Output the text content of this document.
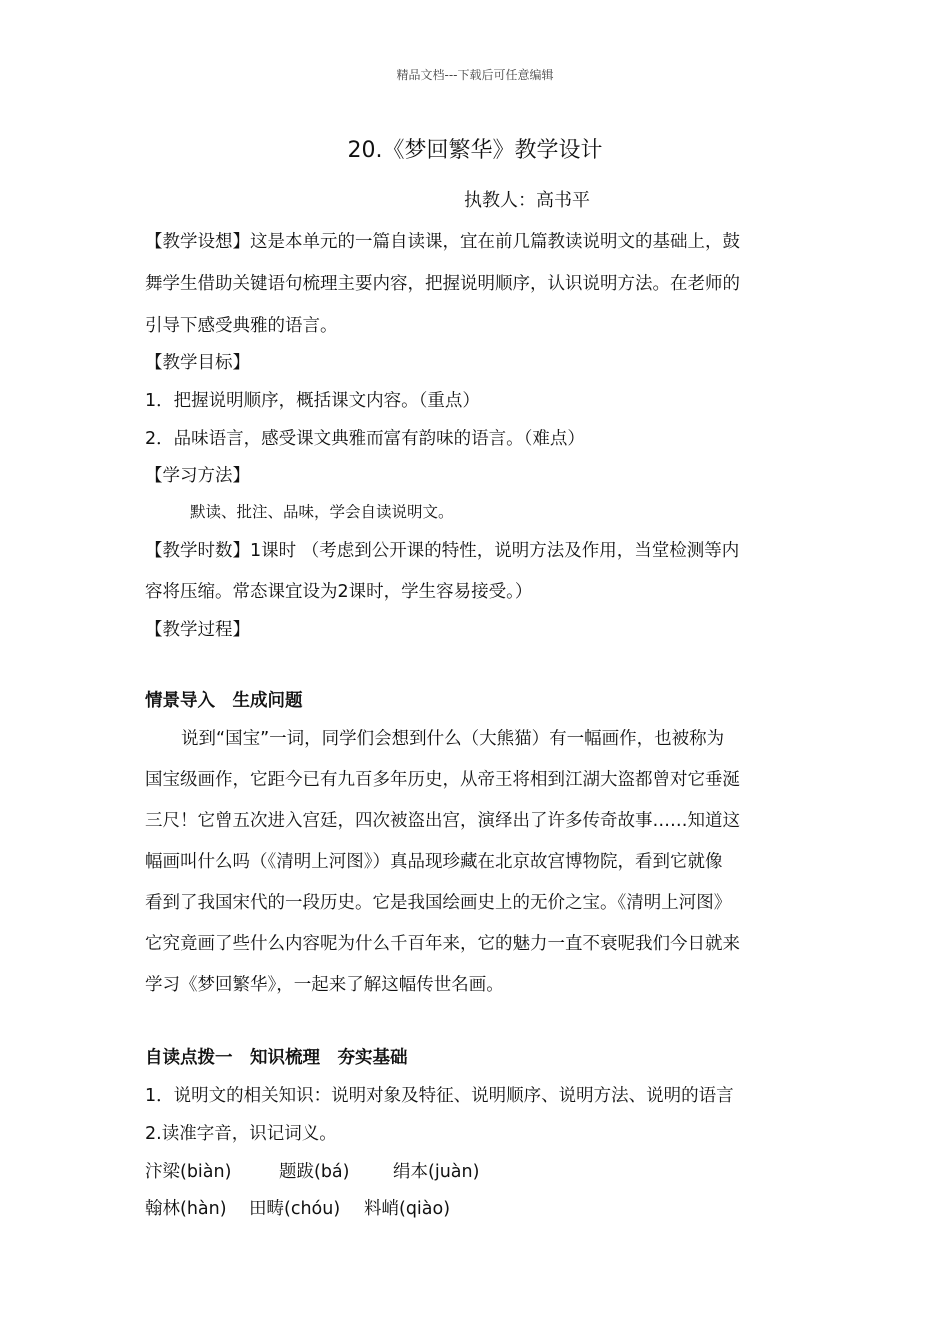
精品文档---下载后可任意编辑
20.《梦回繁华》教学设计
执教人：高书平
【教学设想】这是本单元的一篇自读课，宜在前几篇教读说明文的基础上，鼓
舞学生借助关键语句梳理主要内容，把握说明顺序，认识说明方法。在老师的
引导下感受典雅的语言。
【教学目标】
1．把握说明顺序，概括课文内容。（重点）
2．品味语言，感受课文典雅而富有韵味的语言。（难点）
【学习方法】
默读、批注、品味，学会自读说明文。
【教学时数】1课时 （考虑到公开课的特性，说明方法及作用，当堂检测等内
容将压缩。常态课宜设为2课时，学生容易接受。）
【教学过程】
情景导入　生成问题
说到“国宝”一词，同学们会想到什么（大熊猫）有一幅画作，也被称为
国宝级画作，它距今已有九百多年历史，从帝王将相到江湖大盗都曾对它垂涎
三尺！它曾五次进入宫廷，四次被盗出宫，演绎出了许多传奇故事……知道这
幅画叫什么吗（《清明上河图》）真品现珍藏在北京故宫博物院，看到它就像
看到了我国宋代的一段历史。它是我国绘画史上的无价之宝。《清明上河图》
它究竟画了些什么内容呢为什么千百年来，它的魅力一直不衰呢我们今日就来
学习《梦回繁华》，一起来了解这幅传世名画。
自读点拨一　知识梳理　夯实基础
1．说明文的相关知识：说明对象及特征、说明顺序、说明方法、说明的语言
2.读准字音，识记词义。
汴梁(biàn)	题跋(bá) 绢本(juàn)
翰林(hàn) 田畴(chóu) 料峭(qiào)
